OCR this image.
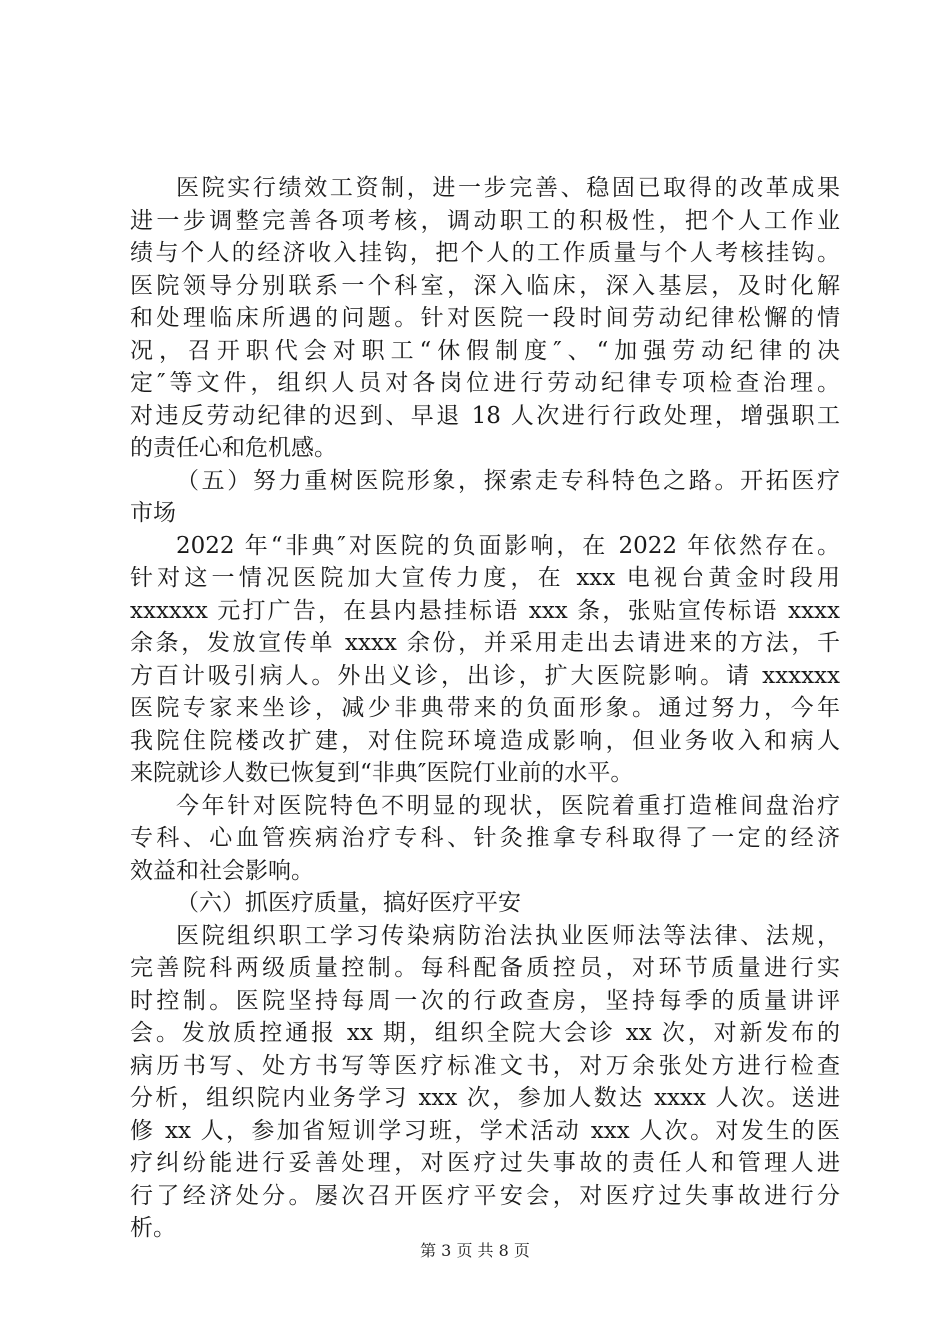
医院实行绩效工资制，进一步完善、稳固已取得的改革成果
进一步调整完善各项考核，调动职工的积极性，把个人工作业
绩与个人的经济收入挂钩，把个人的工作质量与个人考核挂钩。
医院领导分别联系一个科室，深入临床，深入基层，及时化解
和处理临床所遇的问题。针对医院一段时间劳动纪律松懈的情
况，召开职代会对职工“休假制度″、“加强劳动纪律的决
定″等文件，组织人员对各岗位进行劳动纪律专项检查治理。
对违反劳动纪律的迟到、早退 18 人次进行行政处理，增强职工
的责任心和危机感。
（五）努力重树医院形象，探索走专科特色之路。开拓医疗
市场
2022 年“非典″对医院的负面影响，在 2022 年依然存在。
针对这一情况医院加大宣传力度，在 xxx 电视台黄金时段用
xxxxxx 元打广告，在县内悬挂标语 xxx 条，张贴宣传标语 xxxx
余条，发放宣传单 xxxx 余份，并采用走出去请进来的方法，千
方百计吸引病人。外出义诊，出诊，扩大医院影响。请 xxxxxx
医院专家来坐诊，减少非典带来的负面形象。通过努力，今年
我院住院楼改扩建，对住院环境造成影响，但业务收入和病人
来院就诊人数已恢复到“非典″医院仃业前的水平。
今年针对医院特色不明显的现状，医院着重打造椎间盘治疗
专科、心血管疾病治疗专科、针灸推拿专科取得了一定的经济
效益和社会影响。
（六）抓医疗质量，搞好医疗平安
医院组织职工学习传染病防治法执业医师法等法律、法规，
完善院科两级质量控制。每科配备质控员，对环节质量进行实
时控制。医院坚持每周一次的行政查房，坚持每季的质量讲评
会。发放质控通报 xx 期，组织全院大会诊 xx 次，对新发布的
病历书写、处方书写等医疗标准文书，对万余张处方进行检查
分析，组织院内业务学习 xxx 次，参加人数达 xxxx 人次。送进
修 xx 人，参加省短训学习班，学术活动 xxx 人次。对发生的医
疗纠纷能进行妥善处理，对医疗过失事故的责任人和管理人进
行了经济处分。屡次召开医疗平安会，对医疗过失事故进行分
析。
第 3 页 共 8 页
